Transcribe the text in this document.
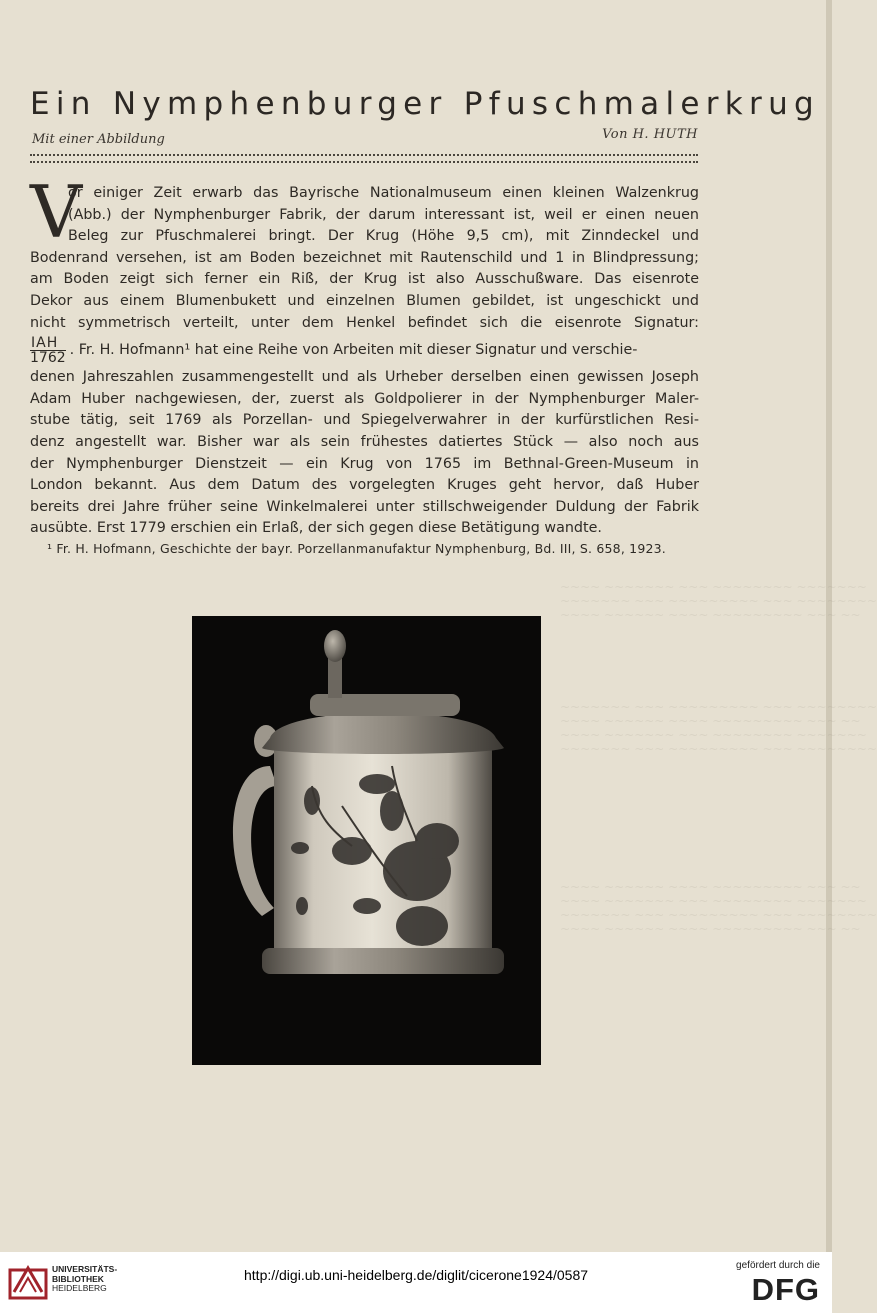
~~~~ ~~~~~~~ ~~~ ~~~~~~~~ ~~~~~~~
~~~~~~~ ~~~ ~~~~~~~~~ ~~~ ~~~~~~~~
~~~~ ~~~~~~ ~~~~ ~~~~~~~~~ ~~~ ~~
~~~~~~~ ~~~ ~~~~~~~~~ ~~~ ~~~~~~~~
~~~~ ~~~~~~ ~~~~ ~~~~~~~~~ ~~~ ~~
~~~~ ~~~~~~~ ~~~ ~~~~~~~~ ~~~~~~~
~~~~~~~ ~~~ ~~~~~~~~~ ~~~ ~~~~~~~~
~~~~ ~~~~~~ ~~~~ ~~~~~~~~~ ~~~ ~~
~~~~ ~~~~~~~ ~~~ ~~~~~~~~ ~~~~~~~
~~~~~~~ ~~~ ~~~~~~~~~ ~~~ ~~~~~~~~
~~~~ ~~~~~~ ~~~~ ~~~~~~~~~ ~~~ ~~
Ein Nymphenburger Pfuschmalerkrug
Mit einer Abbildung	Von H. HUTH
V
or einiger Zeit erwarb das Bayrische Nationalmuseum einen kleinen Walzenkrug
(Abb.) der Nymphenburger Fabrik, der darum interessant ist, weil er einen neuen
Beleg zur Pfuschmalerei bringt. Der Krug (Höhe 9,5 cm), mit Zinndeckel und
Bodenrand versehen, ist am Boden bezeichnet mit Rautenschild und 1 in Blindpressung;
am Boden zeigt sich ferner ein Riß, der Krug ist also Ausschußware. Das eisenrote
Dekor aus einem Blumenbukett und einzelnen Blumen gebildet, ist ungeschickt und
nicht symmetrisch verteilt, unter dem Henkel befindet sich die eisenrote Signatur:
$\frac{\text{IAH}}{1762}$ . Fr. H. Hofmann¹ hat eine Reihe von Arbeiten mit dieser Signatur und verschie-
denen Jahreszahlen zusammengestellt und als Urheber derselben einen gewissen Joseph
Adam Huber nachgewiesen, der, zuerst als Goldpolierer in der Nymphenburger Maler-
stube tätig, seit 1769 als Porzellan- und Spiegelverwahrer in der kurfürstlichen Resi-
denz angestellt war. Bisher war als sein frühestes datiertes Stück — also noch aus
der Nymphenburger Dienstzeit — ein Krug von 1765 im Bethnal-Green-Museum in
London bekannt. Aus dem Datum des vorgelegten Kruges geht hervor, daß Huber
bereits drei Jahre früher seine Winkelmalerei unter stillschweigender Duldung der Fabrik
ausübte. Erst 1779 erschien ein Erlaß, der sich gegen diese Betätigung wandte.
¹ Fr. H. Hofmann, Geschichte der bayr. Porzellanmanufaktur Nymphenburg, Bd. III, S. 658, 1923.
UNIVERSITÄTS-
BIBLIOTHEK
HEIDELBERG
http://digi.ub.uni-heidelberg.de/diglit/cicerone1924/0587
gefördert durch die
DFG
